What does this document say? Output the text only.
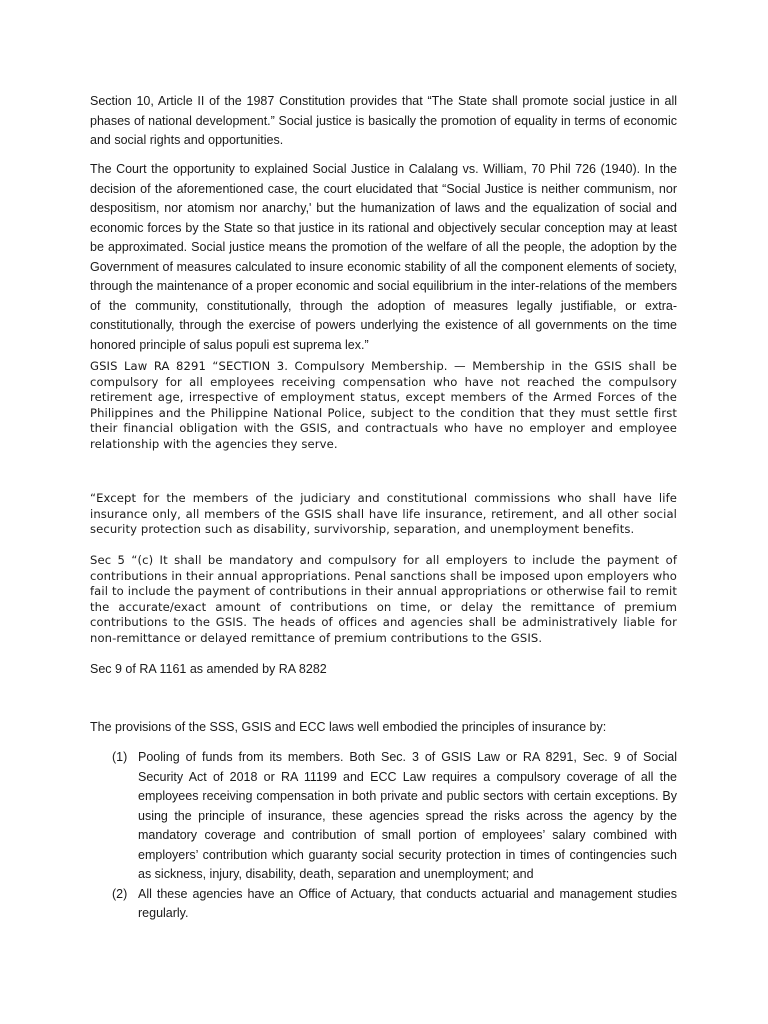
Section 10, Article II of the 1987 Constitution provides that “The State shall promote social justice in all phases of national development.” Social justice is basically the promotion of equality in terms of economic and social rights and opportunities.

The Court the opportunity to explained Social Justice in Calalang vs. William, 70 Phil 726 (1940). In the decision of the aforementioned case, the court elucidated that “Social Justice is neither communism, nor despositism, nor atomism nor anarchy,' but the humanization of laws and the equalization of social and economic forces by the State so that justice in its rational and objectively secular conception may at least be approximated. Social justice means the promotion of the welfare of all the people, the adoption by the Government of measures calculated to insure economic stability of all the component elements of society, through the maintenance of a proper economic and social equilibrium in the inter-relations of the members of the community, constitutionally, through the adoption of measures legally justifiable, or extra-constitutionally, through the exercise of powers underlying the existence of all governments on the time honored principle of salus populi est suprema lex.”

GSIS Law RA 8291 “SECTION 3. Compulsory Membership. — Membership in the GSIS shall be compulsory for all employees receiving compensation who have not reached the compulsory retirement age, irrespective of employment status, except members of the Armed Forces of the Philippines and the Philippine National Police, subject to the condition that they must settle first their financial obligation with the GSIS, and contractuals who have no employer and employee relationship with the agencies they serve.

“Except for the members of the judiciary and constitutional commissions who shall have life insurance only, all members of the GSIS shall have life insurance, retirement, and all other social security protection such as disability, survivorship, separation, and unemployment benefits.

Sec 5 “(c) It shall be mandatory and compulsory for all employers to include the payment of contributions in their annual appropriations. Penal sanctions shall be imposed upon employers who fail to include the payment of contributions in their annual appropriations or otherwise fail to remit the accurate/exact amount of contributions on time, or delay the remittance of premium contributions to the GSIS. The heads of offices and agencies shall be administratively liable for non-remittance or delayed remittance of premium contributions to the GSIS.

Sec 9 of RA 1161 as amended by RA 8282

The provisions of the SSS, GSIS and ECC laws well embodied the principles of insurance by:

(1) Pooling of funds from its members. Both Sec. 3 of GSIS Law or RA 8291, Sec. 9 of Social Security Act of 2018 or RA 11199 and ECC Law requires a compulsory coverage of all the employees receiving compensation in both private and public sectors with certain exceptions. By using the principle of insurance, these agencies spread the risks across the agency by the mandatory coverage and contribution of small portion of employees’ salary combined with employers’ contribution which guaranty social security protection in times of contingencies such as sickness, injury, disability, death, separation and unemployment; and
(2) All these agencies have an Office of Actuary, that conducts actuarial and management studies regularly.
